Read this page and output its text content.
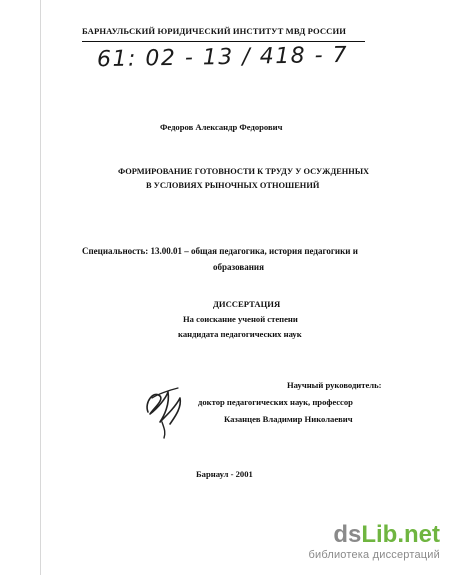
БАРНАУЛЬСКИЙ ЮРИДИЧЕСКИЙ ИНСТИТУТ МВД РОССИИ
61: 02 - 13 / 418 - 7
Федоров Александр Федорович
ФОРМИРОВАНИЕ ГОТОВНОСТИ К ТРУДУ У ОСУЖДЕННЫХ
В УСЛОВИЯХ РЫНОЧНЫХ ОТНОШЕНИЙ
Специальность: 13.00.01 – общая педагогика, история педагогики и
образования
ДИССЕРТАЦИЯ
На соискание ученой степени
кандидата педагогических наук
Научный руководитель:
доктор педагогических наук, профессор
Казанцев Владимир Николаевич
Барнаул - 2001
dsLib.net
библиотека диссертаций
